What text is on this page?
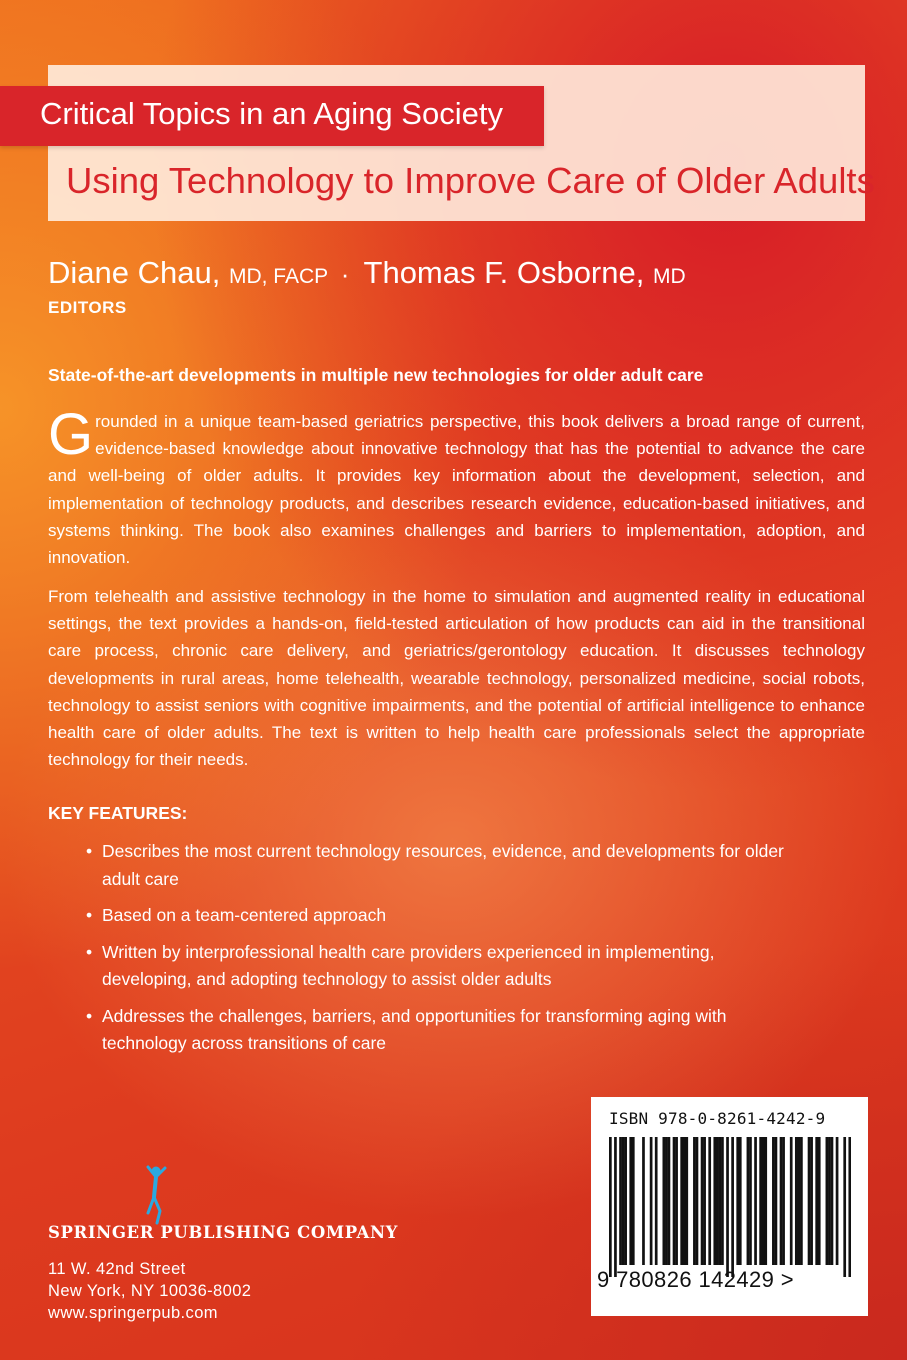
Critical Topics in an Aging Society
Using Technology to Improve Care of Older Adults
Diane Chau, MD, FACP · Thomas F. Osborne, MD
EDITORS
State-of-the-art developments in multiple new technologies for older adult care
Grounded in a unique team-based geriatrics perspective, this book delivers a broad range of current, evidence-based knowledge about innovative technology that has the potential to advance the care and well-being of older adults. It provides key information about the development, selection, and implementation of technology products, and describes research evidence, education-based initiatives, and systems thinking. The book also examines challenges and barriers to implementation, adoption, and innovation.
From telehealth and assistive technology in the home to simulation and augmented reality in educational settings, the text provides a hands-on, field-tested articulation of how products can aid in the transitional care process, chronic care delivery, and geriatrics/gerontology education. It discusses technology developments in rural areas, home telehealth, wearable technology, personalized medicine, social robots, technology to assist seniors with cognitive impairments, and the potential of artificial intelligence to enhance health care of older adults. The text is written to help health care professionals select the appropriate technology for their needs.
KEY FEATURES:
• Describes the most current technology resources, evidence, and developments for older adult care
• Based on a team-centered approach
• Written by interprofessional health care providers experienced in implementing, developing, and adopting technology to assist older adults
• Addresses the challenges, barriers, and opportunities for transforming aging with technology across transitions of care
SPRINGER PUBLISHING COMPANY
11 W. 42nd Street
New York, NY 10036-8002
www.springerpub.com
ISBN 978-0-8261-4242-9
9 780826 142429 >
